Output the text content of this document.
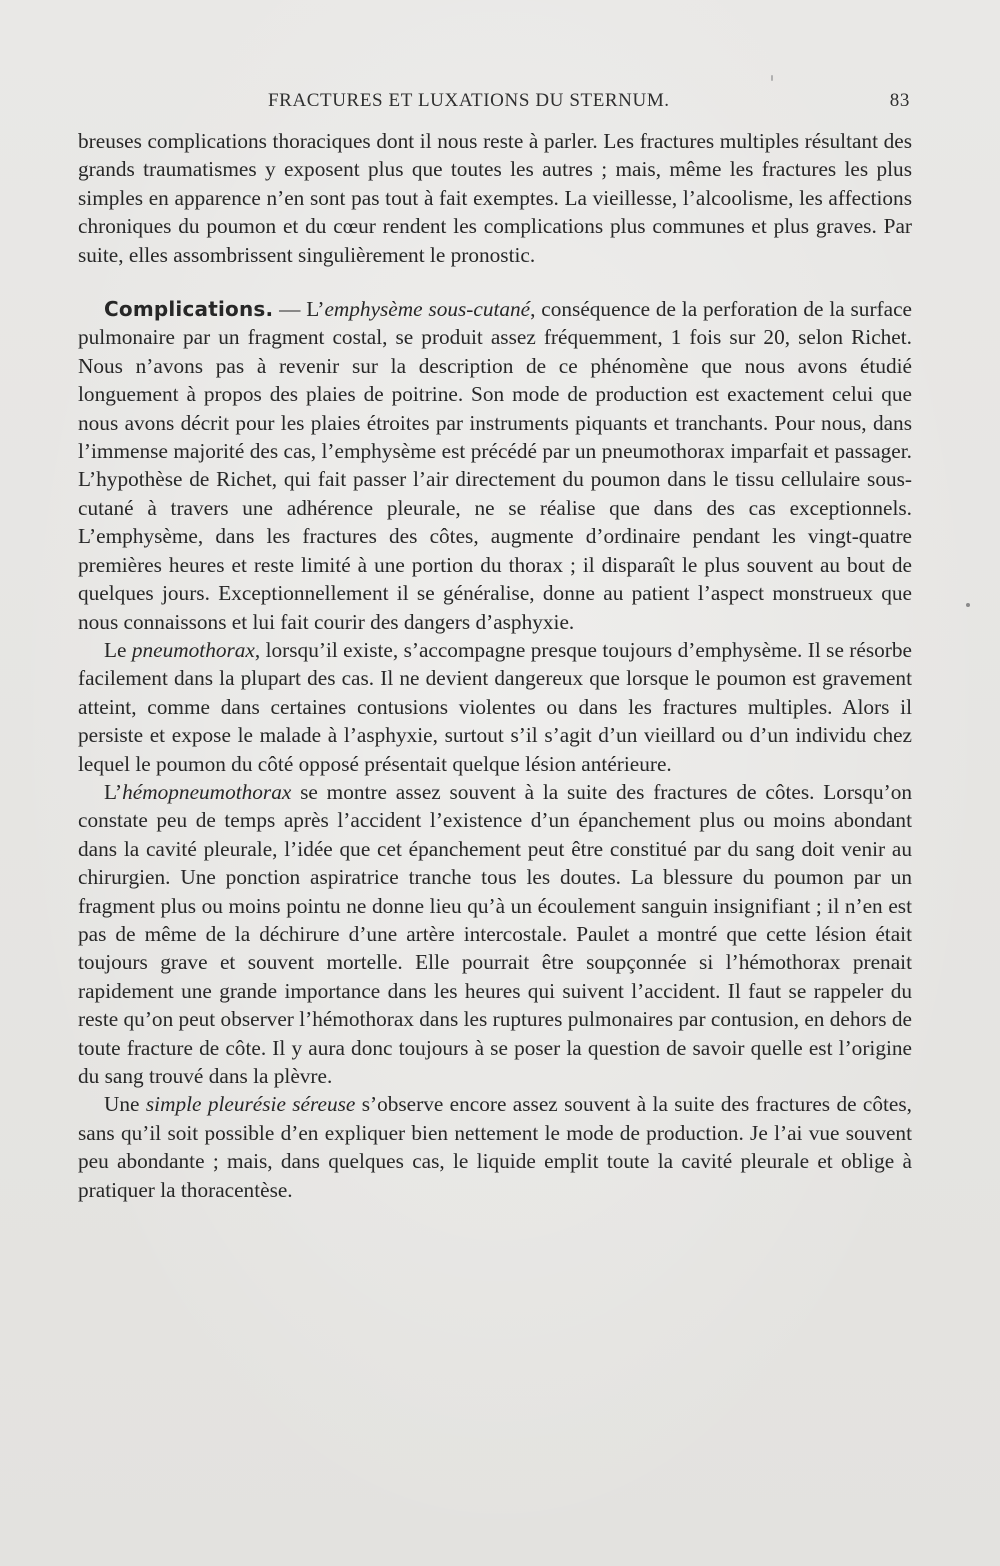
FRACTURES ET LUXATIONS DU STERNUM.	83

breuses complications thoraciques dont il nous reste à parler. Les fractures multiples résultant des grands traumatismes y exposent plus que toutes les autres ; mais, même les fractures les plus simples en apparence n’en sont pas tout à fait exemptes. La vieillesse, l’alcoolisme, les affections chroniques du poumon et du cœur rendent les complications plus communes et plus graves. Par suite, elles assombrissent singulièrement le pronostic.

Complications. — L’emphysème sous-cutané, conséquence de la perforation de la surface pulmonaire par un fragment costal, se produit assez fréquemment, 1 fois sur 20, selon Richet. Nous n’avons pas à revenir sur la description de ce phénomène que nous avons étudié longuement à propos des plaies de poitrine. Son mode de production est exactement celui que nous avons décrit pour les plaies étroites par instruments piquants et tranchants. Pour nous, dans l’immense majorité des cas, l’emphysème est précédé par un pneumothorax imparfait et passager. L’hypothèse de Richet, qui fait passer l’air directement du poumon dans le tissu cellulaire sous-cutané à travers une adhérence pleurale, ne se réalise que dans des cas exceptionnels. L’emphysème, dans les fractures des côtes, augmente d’ordinaire pendant les vingt-quatre premières heures et reste limité à une portion du thorax ; il disparaît le plus souvent au bout de quelques jours. Exceptionnellement il se généralise, donne au patient l’aspect monstrueux que nous connaissons et lui fait courir des dangers d’asphyxie.

Le pneumothorax, lorsqu’il existe, s’accompagne presque toujours d’emphysème. Il se résorbe facilement dans la plupart des cas. Il ne devient dangereux que lorsque le poumon est gravement atteint, comme dans certaines contusions violentes ou dans les fractures multiples. Alors il persiste et expose le malade à l’asphyxie, surtout s’il s’agit d’un vieillard ou d’un individu chez lequel le poumon du côté opposé présentait quelque lésion antérieure.

L’hémopneumothorax se montre assez souvent à la suite des fractures de côtes. Lorsqu’on constate peu de temps après l’accident l’existence d’un épanchement plus ou moins abondant dans la cavité pleurale, l’idée que cet épanchement peut être constitué par du sang doit venir au chirurgien. Une ponction aspiratrice tranche tous les doutes. La blessure du poumon par un fragment plus ou moins pointu ne donne lieu qu’à un écoulement sanguin insignifiant ; il n’en est pas de même de la déchirure d’une artère intercostale. Paulet a montré que cette lésion était toujours grave et souvent mortelle. Elle pourrait être soupçonnée si l’hémothorax prenait rapidement une grande importance dans les heures qui suivent l’accident. Il faut se rappeler du reste qu’on peut observer l’hémothorax dans les ruptures pulmonaires par contusion, en dehors de toute fracture de côte. Il y aura donc toujours à se poser la question de savoir quelle est l’origine du sang trouvé dans la plèvre.

Une simple pleurésie séreuse s’observe encore assez souvent à la suite des fractures de côtes, sans qu’il soit possible d’en expliquer bien nettement le mode de production. Je l’ai vue souvent peu abondante ; mais, dans quelques cas, le liquide emplit toute la cavité pleurale et oblige à pratiquer la thoracentèse.
